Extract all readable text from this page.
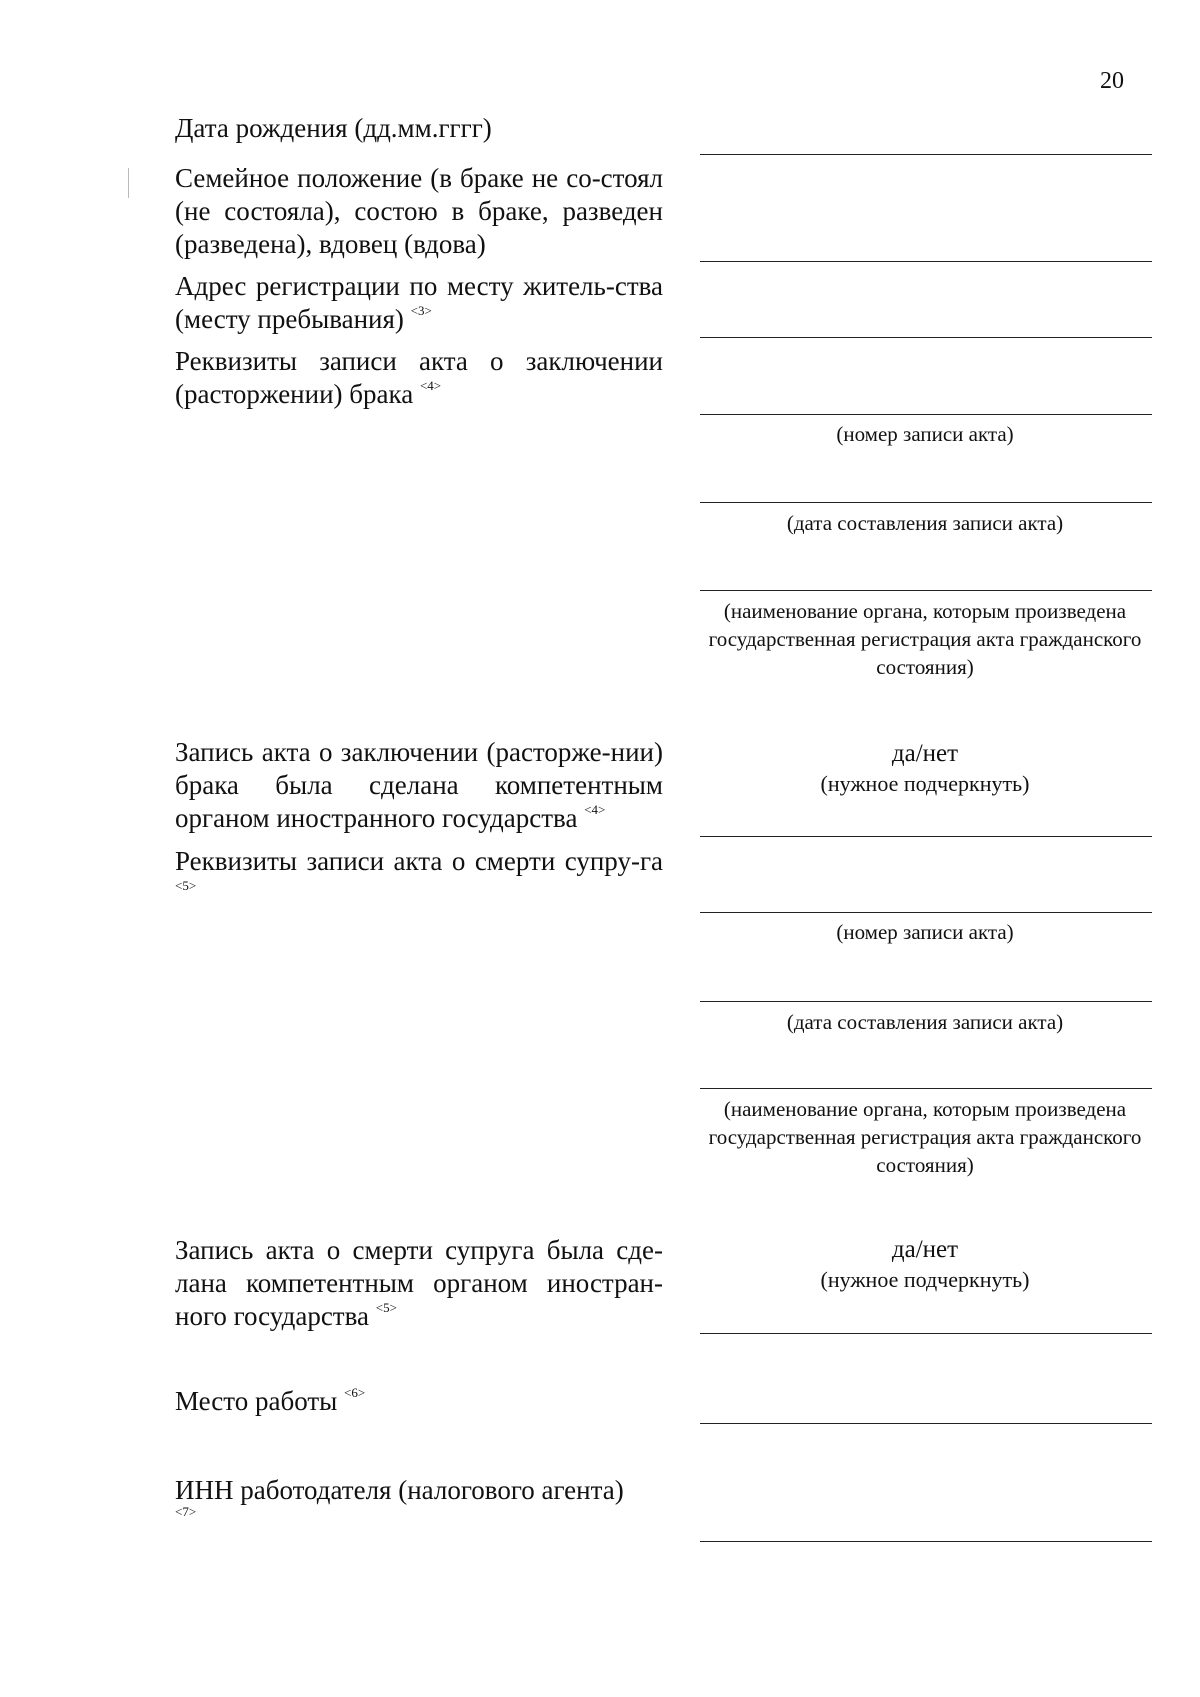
20
Дата рождения (дд.мм.гггг)
Семейное положение (в браке не со-стоял (не состояла), состою в браке, разведен (разведена), вдовец (вдова)
Адрес регистрации по месту житель-ства (месту пребывания) $^{<3>}$
Реквизиты записи акта о заключении (расторжении) брака $^{<4>}$
(номер записи акта)
(дата составления записи акта)
(наименование органа, которым произведена государственная регистрация акта гражданского состояния)
Запись акта о заключении (расторже-нии) брака была сделана компетентным органом иностранного государства $^{<4>}$
да/нет
(нужное подчеркнуть)
Реквизиты записи акта о смерти супру-га $^{<5>}$
(номер записи акта)
(дата составления записи акта)
(наименование органа, которым произведена государственная регистрация акта гражданского состояния)
Запись акта о смерти супруга была сде-лана компетентным органом иностран-ного государства $^{<5>}$
да/нет
(нужное подчеркнуть)
Место работы $^{<6>}$
ИНН работодателя (налогового агента)
<7>
